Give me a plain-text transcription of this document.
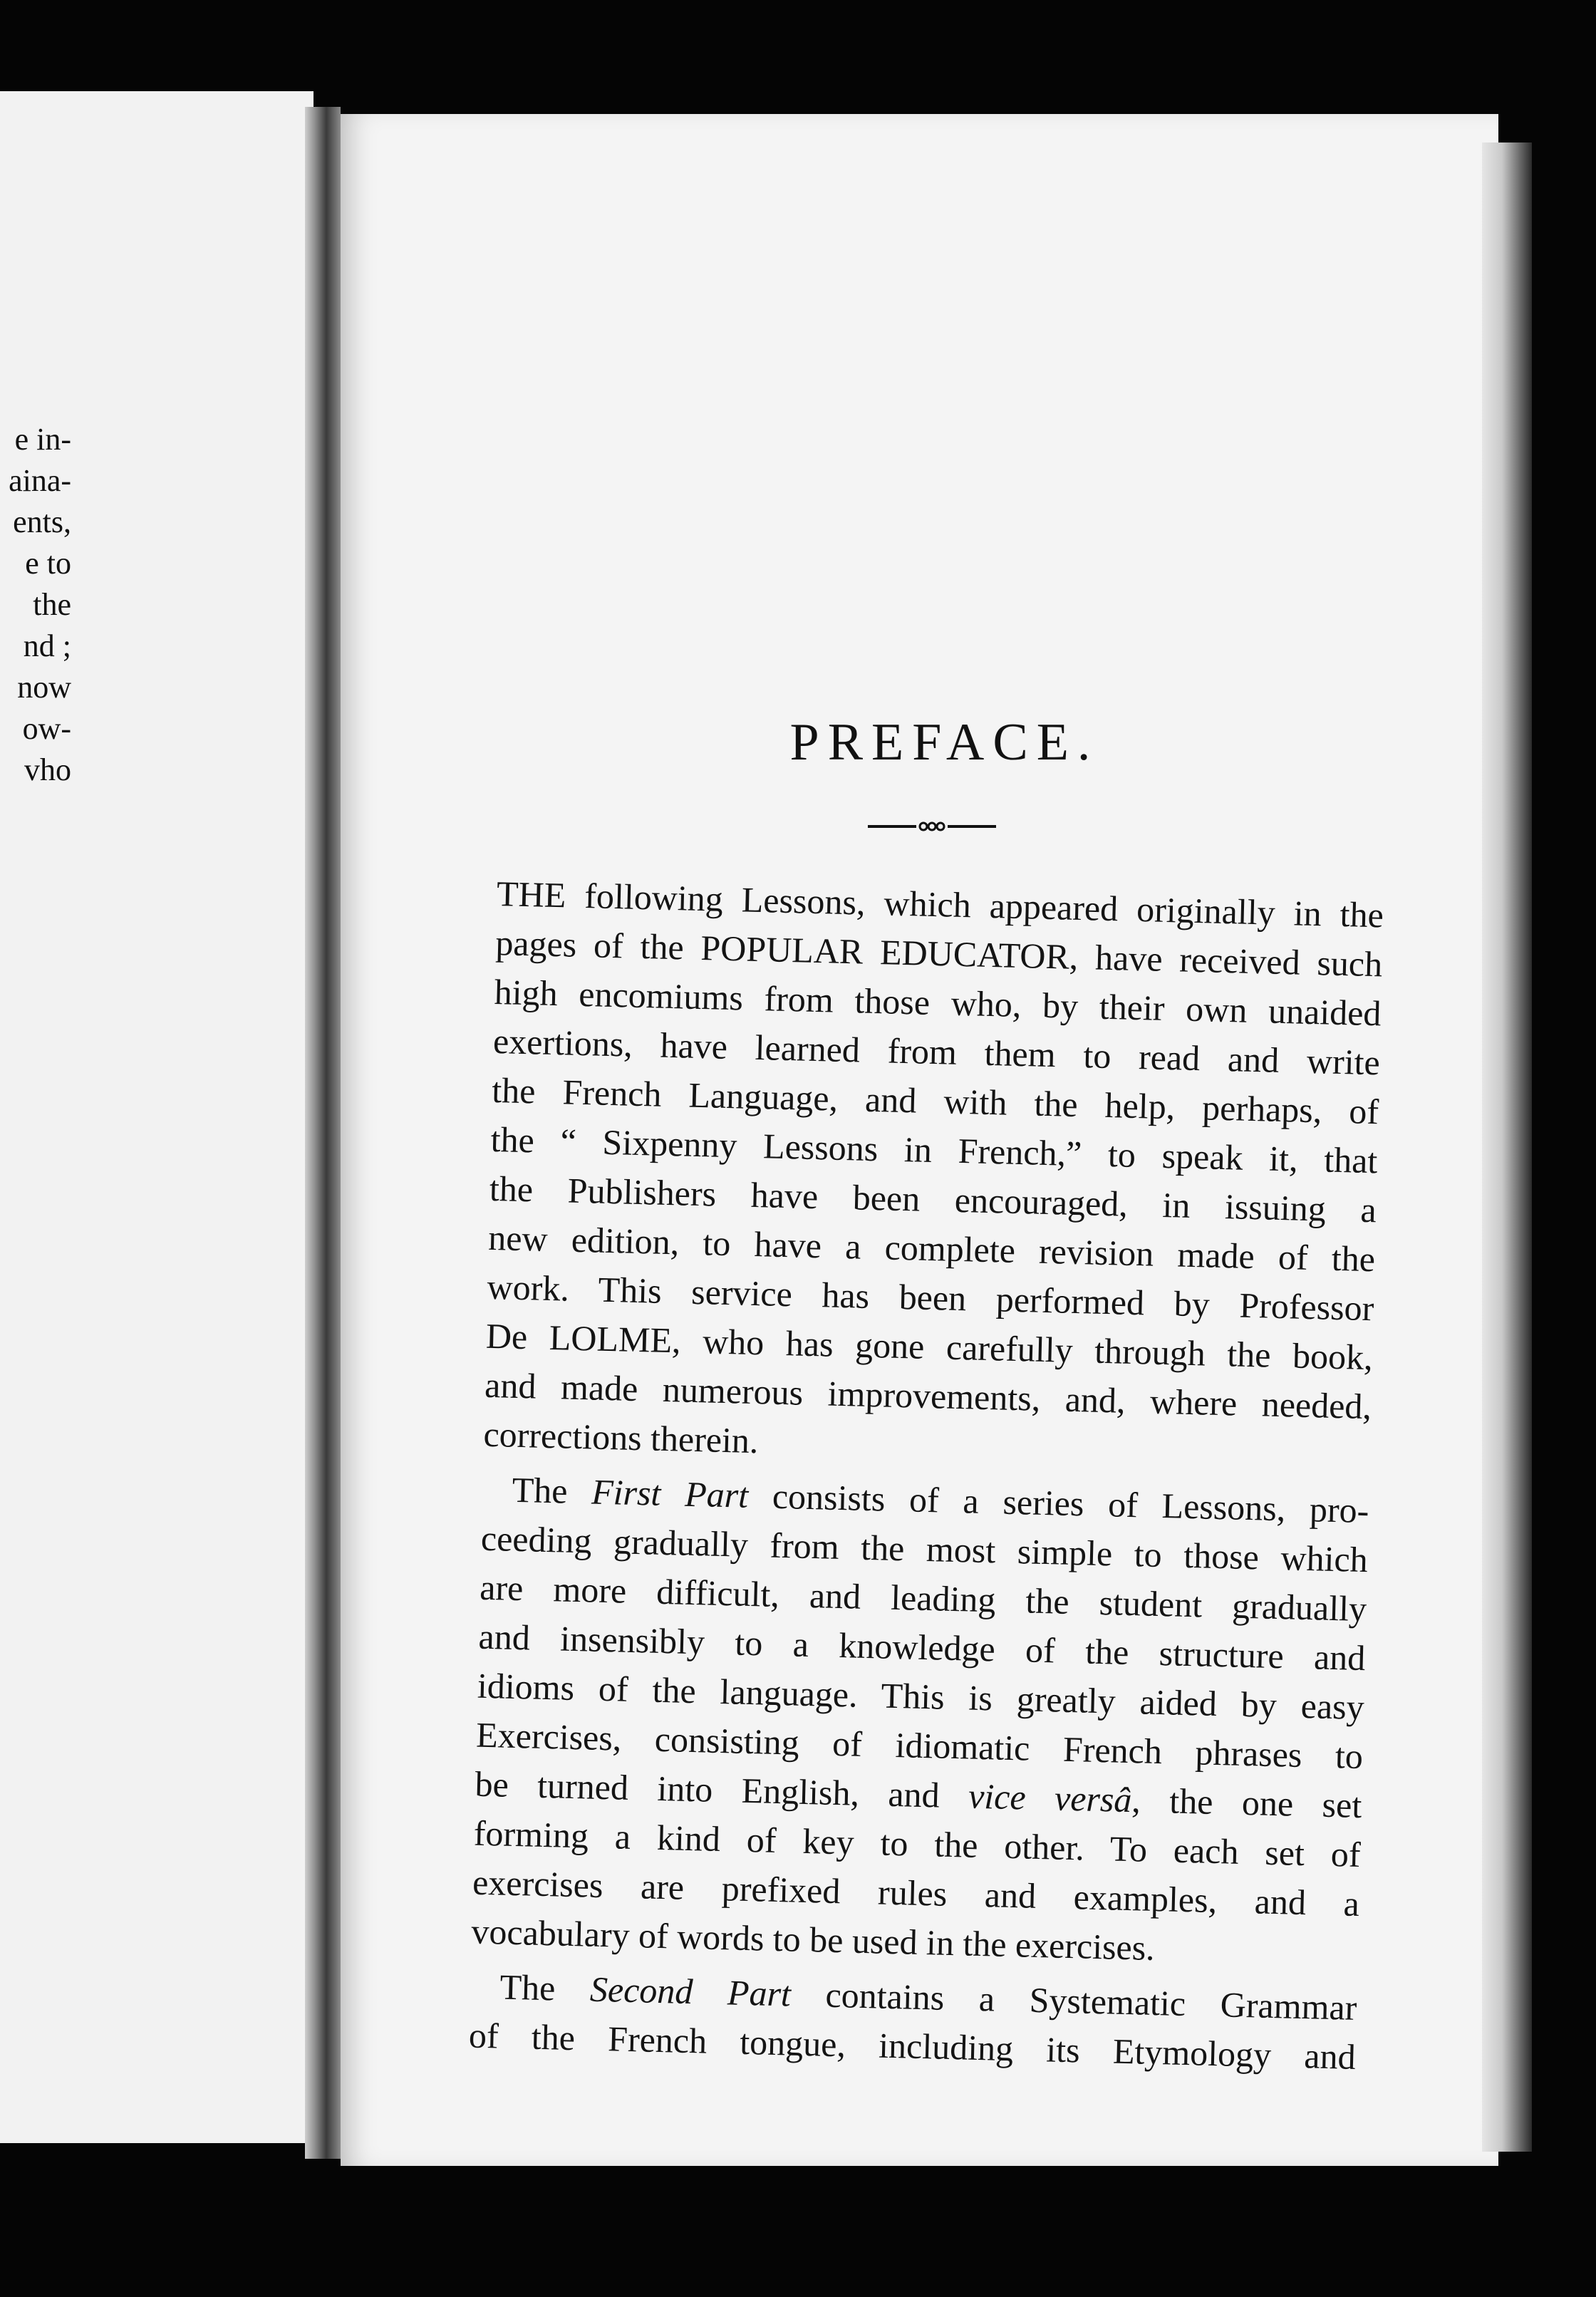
e in-
aina-
ents,
e to
the
nd ;
now
ow-
vho	PREFACE.
THE following Lessons, which appeared originally in the
pages of the POPULAR EDUCATOR, have received such
high encomiums from those who, by their own unaided
exertions, have learned from them to read and write
the French Language, and with the help, perhaps, of
the “ Sixpenny Lessons in French,” to speak it, that
the Publishers have been encouraged, in issuing a
new edition, to have a complete revision made of the
work. This service has been performed by Professor
De LOLME, who has gone carefully through the book,
and made numerous improvements, and, where needed,
corrections therein.
The First Part consists of a series of Lessons, pro-
ceeding gradually from the most simple to those which
are more difficult, and leading the student gradually
and insensibly to a knowledge of the structure and
idioms of the language. This is greatly aided by easy
Exercises, consisting of idiomatic French phrases to
be turned into English, and vice versâ, the one set
forming a kind of key to the other. To each set of
exercises are prefixed rules and examples, and a
vocabulary of words to be used in the exercises.
The Second Part contains a Systematic Grammar
of the French tongue, including its Etymology and
